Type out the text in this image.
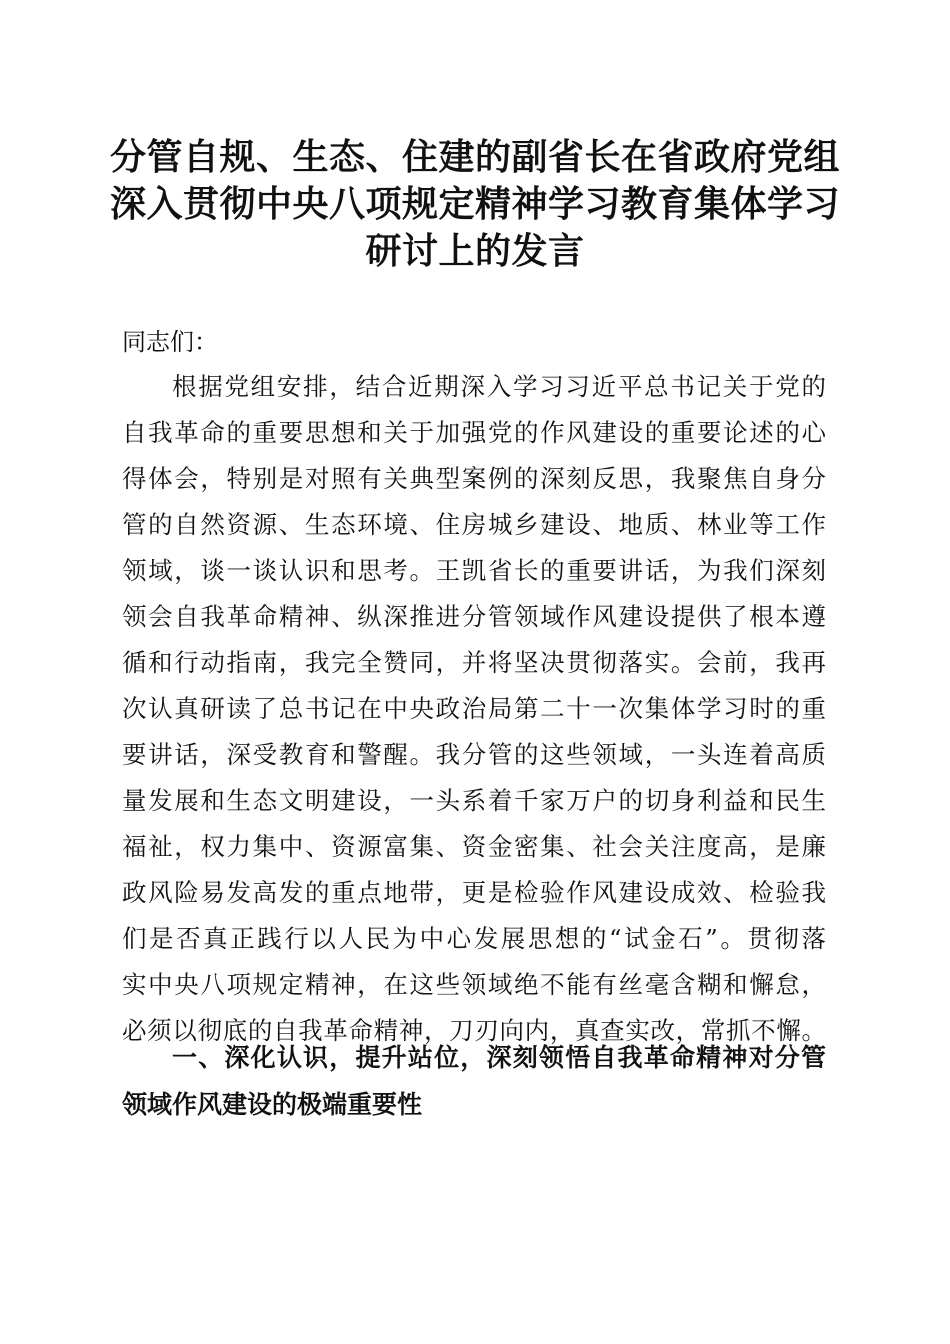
分管自规、生态、住建的副省长在省政府党组
深入贯彻中央八项规定精神学习教育集体学习
研讨上的发言

同志们：

根据党组安排，结合近期深入学习习近平总书记关于党的
自我革命的重要思想和关于加强党的作风建设的重要论述的心
得体会，特别是对照有关典型案例的深刻反思，我聚焦自身分
管的自然资源、生态环境、住房城乡建设、地质、林业等工作
领域，谈一谈认识和思考。王凯省长的重要讲话，为我们深刻
领会自我革命精神、纵深推进分管领域作风建设提供了根本遵
循和行动指南，我完全赞同，并将坚决贯彻落实。会前，我再
次认真研读了总书记在中央政治局第二十一次集体学习时的重
要讲话，深受教育和警醒。我分管的这些领域，一头连着高质
量发展和生态文明建设，一头系着千家万户的切身利益和民生
福祉，权力集中、资源富集、资金密集、社会关注度高，是廉
政风险易发高发的重点地带，更是检验作风建设成效、检验我
们是否真正践行以人民为中心发展思想的“试金石”。贯彻落
实中央八项规定精神，在这些领域绝不能有丝毫含糊和懈怠，
必须以彻底的自我革命精神，刀刃向内，真查实改，常抓不懈。
一、深化认识，提升站位，深刻领悟自我革命精神对分管
领域作风建设的极端重要性
